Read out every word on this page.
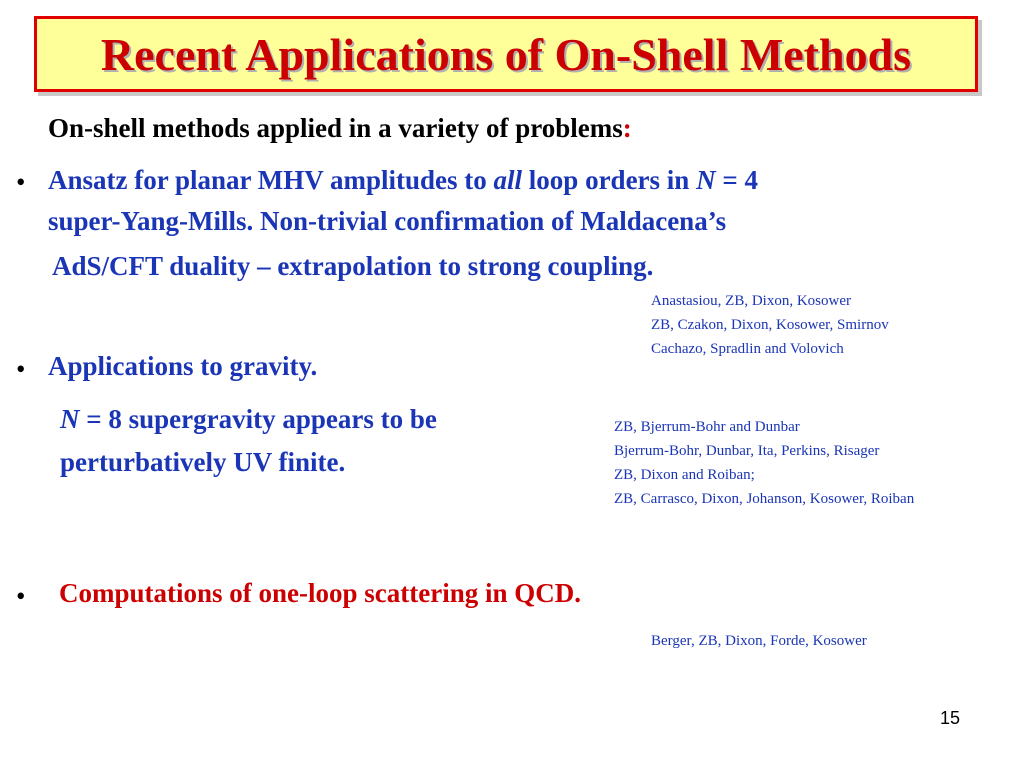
Recent Applications of On-Shell Methods
On-shell methods applied in a variety of problems:
• Ansatz for planar MHV amplitudes to all loop orders in N = 4
super-Yang-Mills. Non-trivial confirmation of Maldacena’s
AdS/CFT duality – extrapolation to strong coupling.
Anastasiou, ZB, Dixon, Kosower
ZB, Czakon, Dixon, Kosower, Smirnov
Cachazo, Spradlin and Volovich
• Applications to gravity.
N = 8 supergravity appears to be
perturbatively UV finite.
ZB, Bjerrum-Bohr and Dunbar
Bjerrum-Bohr, Dunbar, Ita, Perkins, Risager
ZB, Dixon and Roiban;
ZB, Carrasco, Dixon, Johanson, Kosower, Roiban
• Computations of one-loop scattering in QCD.
Berger, ZB, Dixon, Forde, Kosower
15
